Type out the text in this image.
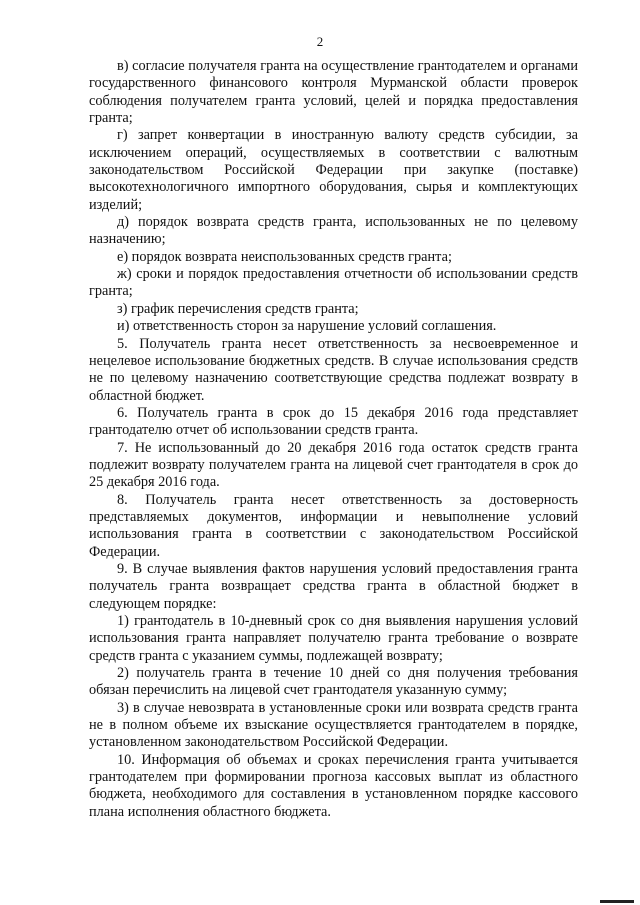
2

в) согласие получателя гранта на осуществление грантодателем и органами государственного финансового контроля Мурманской области проверок соблюдения получателем гранта условий, целей и порядка предоставления гранта;

г) запрет конвертации в иностранную валюту средств субсидии, за исключением операций, осуществляемых в соответствии с валютным законодательством Российской Федерации при закупке (поставке) высокотехнологичного импортного оборудования, сырья и комплектующих изделий;

д) порядок возврата средств гранта, использованных не по целевому назначению;

е) порядок возврата неиспользованных средств гранта;

ж) сроки и порядок предоставления отчетности об использовании средств гранта;

з) график перечисления средств гранта;

и) ответственность сторон за нарушение условий соглашения.

5. Получатель гранта несет ответственность за несвоевременное и нецелевое использование бюджетных средств. В случае использования средств не по целевому назначению соответствующие средства подлежат возврату в областной бюджет.

6. Получатель гранта в срок до 15 декабря 2016 года представляет грантодателю отчет об использовании средств гранта.

7. Не использованный до 20 декабря 2016 года остаток средств гранта подлежит возврату получателем гранта на лицевой счет грантодателя в срок до 25 декабря 2016 года.

8. Получатель гранта несет ответственность за достоверность представляемых документов, информации и невыполнение условий использования гранта в соответствии с законодательством Российской Федерации.

9. В случае выявления фактов нарушения условий предоставления гранта получатель гранта возвращает средства гранта в областной бюджет в следующем порядке:

1) грантодатель в 10-дневный срок со дня выявления нарушения условий использования гранта направляет получателю гранта требование о возврате средств гранта с указанием суммы, подлежащей возврату;

2) получатель гранта в течение 10 дней со дня получения требования обязан перечислить на лицевой счет грантодателя указанную сумму;

3) в случае невозврата в установленные сроки или возврата средств гранта не в полном объеме их взыскание осуществляется грантодателем в порядке, установленном законодательством Российской Федерации.

10. Информация об объемах и сроках перечисления гранта учитывается грантодателем при формировании прогноза кассовых выплат из областного бюджета, необходимого для составления в установленном порядке кассового плана исполнения областного бюджета.
